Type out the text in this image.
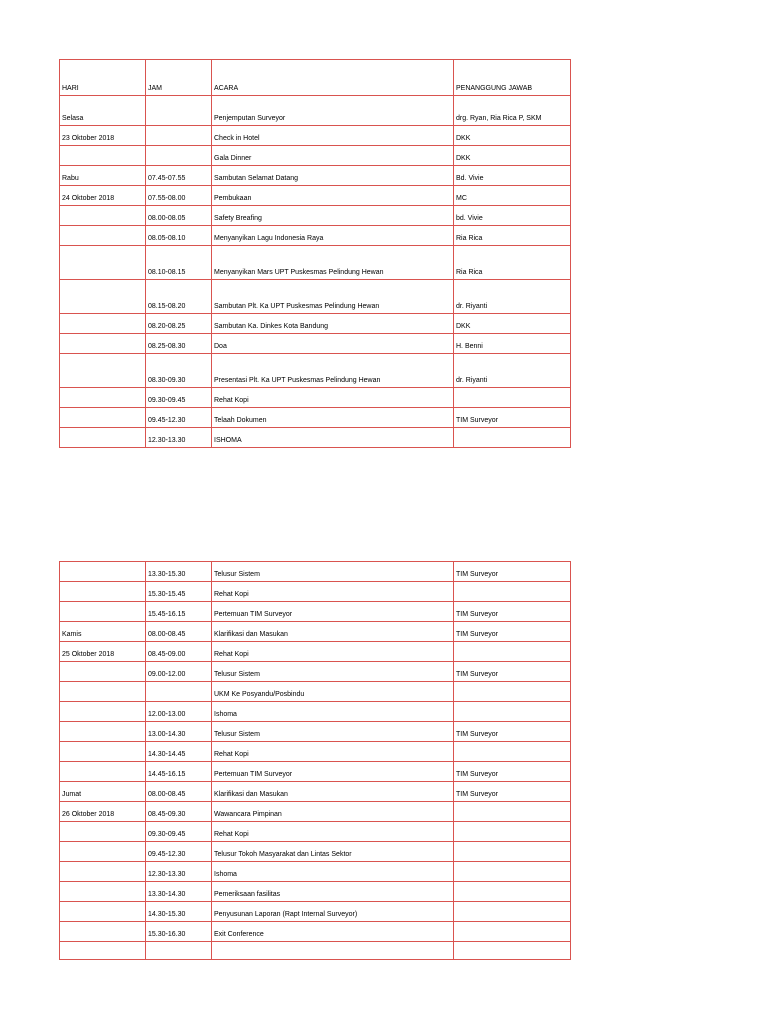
HARI	JAM	ACARA	PENANGGUNG JAWAB
Selasa		Penjemputan Surveyor	drg. Ryan, Ria Rica P, SKM
23 Oktober 2018		Check in Hotel	DKK
		Gala Dinner	DKK
Rabu	07.45-07.55	Sambutan Selamat Datang	Bd. Vivie
24 Oktober 2018	07.55-08.00	Pembukaan	MC
	08.00-08.05	Safety Breafing	bd. Vivie
	08.05-08.10	Menyanyikan Lagu Indonesia Raya	Ria Rica
	08.10-08.15	Menyanyikan Mars UPT Puskesmas Pelindung Hewan	Ria Rica
	08.15-08.20	Sambutan Plt. Ka UPT Puskesmas Pelindung Hewan	dr. Riyanti
	08.20-08.25	Sambutan Ka. Dinkes Kota Bandung	DKK
	08.25-08.30	Doa	H. Benni
	08.30-09.30	Presentasi Plt. Ka UPT Puskesmas Pelindung Hewan	dr. Riyanti
	09.30-09.45	Rehat Kopi	
	09.45-12.30	Telaah Dokumen	TIM Surveyor
	12.30-13.30	ISHOMA	
	13.30-15.30	Telusur Sistem	TIM Surveyor
	15.30-15.45	Rehat Kopi	
	15.45-16.15	Pertemuan TIM Surveyor	TIM Surveyor
Kamis	08.00-08.45	Klarifikasi dan Masukan	TIM Surveyor
25 Oktober 2018	08.45-09.00	Rehat Kopi	
	09.00-12.00	Telusur Sistem	TIM Surveyor
		UKM Ke Posyandu/Posbindu	
	12.00-13.00	Ishoma	
	13.00-14.30	Telusur Sistem	TIM Surveyor
	14.30-14.45	Rehat Kopi	
	14.45-16.15	Pertemuan TIM Surveyor	TIM Surveyor
Jumat	08.00-08.45	Klarifikasi dan Masukan	TIM Surveyor
26 Oktober 2018	08.45-09.30	Wawancara Pimpinan	
	09.30-09.45	Rehat Kopi	
	09.45-12.30	Telusur Tokoh Masyarakat dan Lintas Sektor	
	12.30-13.30	Ishoma	
	13.30-14.30	Pemeriksaan fasilitas	
	14.30-15.30	Penyusunan Laporan (Rapt Internal Surveyor)	
	15.30-16.30	Exit Conference	
